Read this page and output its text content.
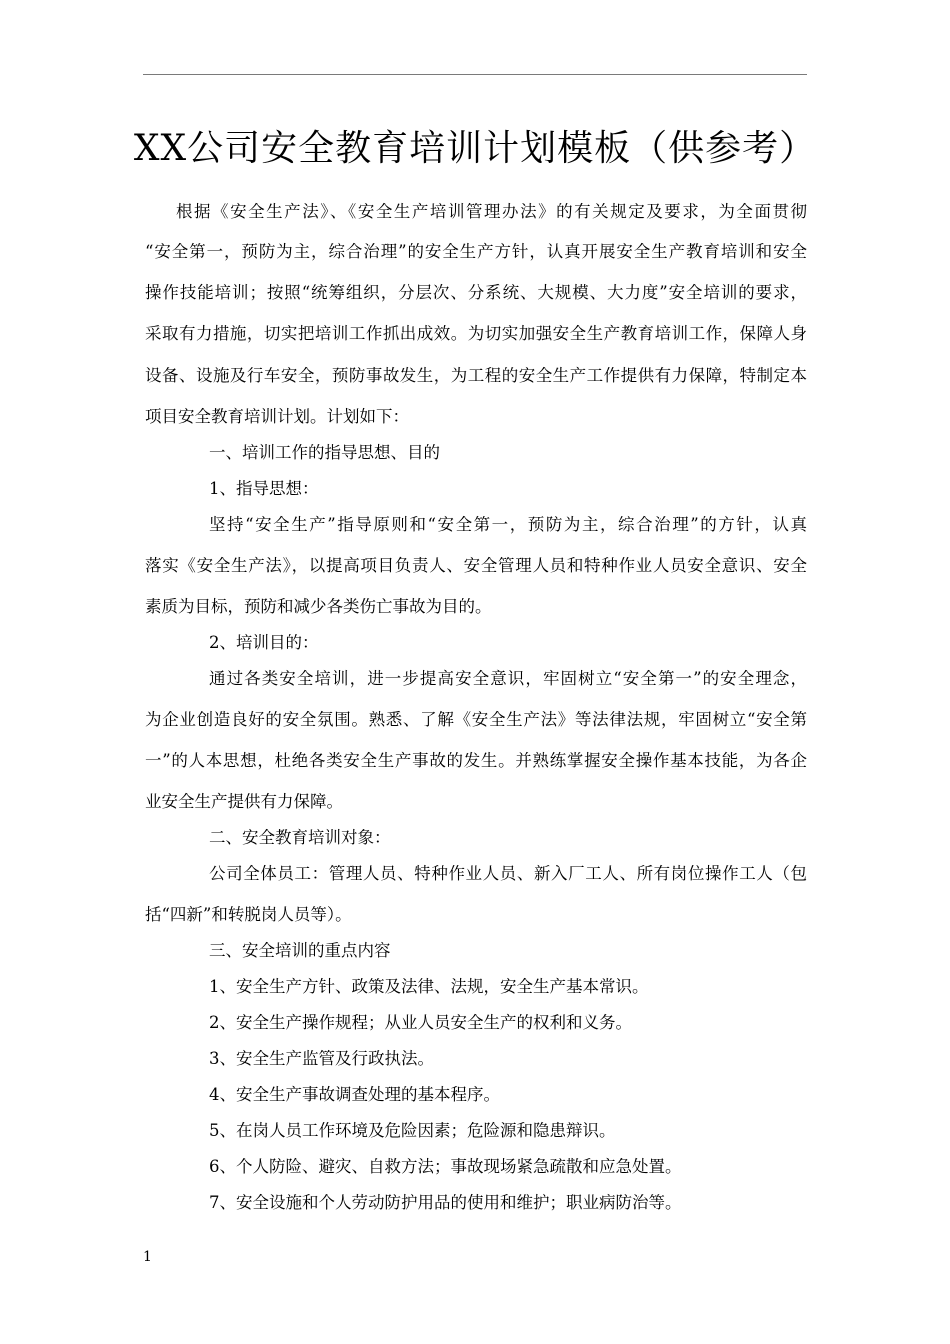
XX公司安全教育培训计划模板（供参考）

根据《安全生产法》、《安全生产培训管理办法》的有关规定及要求，为全面贯彻

“安全第一，预防为主，综合治理”的安全生产方针，认真开展安全生产教育培训和安全

操作技能培训；按照“统筹组织，分层次、分系统、大规模、大力度”安全培训的要求，

采取有力措施，切实把培训工作抓出成效。为切实加强安全生产教育培训工作，保障人身

设备、设施及行车安全，预防事故发生，为工程的安全生产工作提供有力保障，特制定本

项目安全教育培训计划。计划如下：

一、培训工作的指导思想、目的

1、指导思想：

坚持“安全生产”指导原则和“安全第一，预防为主，综合治理”的方针，认真

落实《安全生产法》，以提高项目负责人、安全管理人员和特种作业人员安全意识、安全

素质为目标，预防和减少各类伤亡事故为目的。

2、培训目的：

通过各类安全培训，进一步提高安全意识，牢固树立“安全第一”的安全理念，

为企业创造良好的安全氛围。熟悉、了解《安全生产法》等法律法规，牢固树立“安全第

一”的人本思想，杜绝各类安全生产事故的发生。并熟练掌握安全操作基本技能，为各企

业安全生产提供有力保障。

二、安全教育培训对象：

公司全体员工：管理人员、特种作业人员、新入厂工人、所有岗位操作工人（包

括“四新”和转脱岗人员等）。

三、安全培训的重点内容

1、安全生产方针、政策及法律、法规，安全生产基本常识。

2、安全生产操作规程；从业人员安全生产的权利和义务。

3、安全生产监管及行政执法。

4、安全生产事故调查处理的基本程序。

5、在岗人员工作环境及危险因素；危险源和隐患辩识。

6、个人防险、避灾、自救方法；事故现场紧急疏散和应急处置。

7、安全设施和个人劳动防护用品的使用和维护；职业病防治等。

1
